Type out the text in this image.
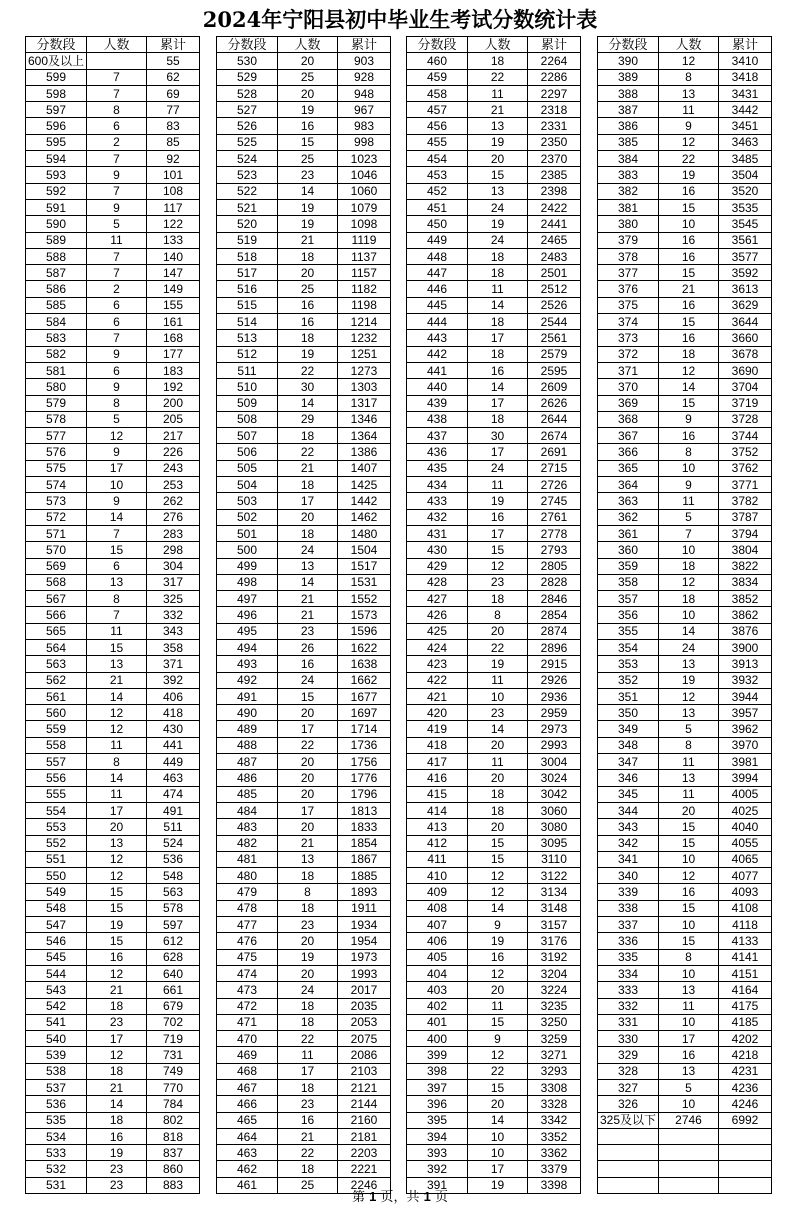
2024年宁阳县初中毕业生考试分数统计表
分数段	人数	累计
600及以上		55
599	7	62
598	7	69
597	8	77
596	6	83
595	2	85
594	7	92
593	9	101
592	7	108
591	9	117
590	5	122
589	11	133
588	7	140
587	7	147
586	2	149
585	6	155
584	6	161
583	7	168
582	9	177
581	6	183
580	9	192
579	8	200
578	5	205
577	12	217
576	9	226
575	17	243
574	10	253
573	9	262
572	14	276
571	7	283
570	15	298
569	6	304
568	13	317
567	8	325
566	7	332
565	11	343
564	15	358
563	13	371
562	21	392
561	14	406
560	12	418
559	12	430
558	11	441
557	8	449
556	14	463
555	11	474
554	17	491
553	20	511
552	13	524
551	12	536
550	12	548
549	15	563
548	15	578
547	19	597
546	15	612
545	16	628
544	12	640
543	21	661
542	18	679
541	23	702
540	17	719
539	12	731
538	18	749
537	21	770
536	14	784
535	18	802
534	16	818
533	19	837
532	23	860
531	23	883
分数段	人数	累计
530	20	903
529	25	928
528	20	948
527	19	967
526	16	983
525	15	998
524	25	1023
523	23	1046
522	14	1060
521	19	1079
520	19	1098
519	21	1119
518	18	1137
517	20	1157
516	25	1182
515	16	1198
514	16	1214
513	18	1232
512	19	1251
511	22	1273
510	30	1303
509	14	1317
508	29	1346
507	18	1364
506	22	1386
505	21	1407
504	18	1425
503	17	1442
502	20	1462
501	18	1480
500	24	1504
499	13	1517
498	14	1531
497	21	1552
496	21	1573
495	23	1596
494	26	1622
493	16	1638
492	24	1662
491	15	1677
490	20	1697
489	17	1714
488	22	1736
487	20	1756
486	20	1776
485	20	1796
484	17	1813
483	20	1833
482	21	1854
481	13	1867
480	18	1885
479	8	1893
478	18	1911
477	23	1934
476	20	1954
475	19	1973
474	20	1993
473	24	2017
472	18	2035
471	18	2053
470	22	2075
469	11	2086
468	17	2103
467	18	2121
466	23	2144
465	16	2160
464	21	2181
463	22	2203
462	18	2221
461	25	2246
分数段	人数	累计
460	18	2264
459	22	2286
458	11	2297
457	21	2318
456	13	2331
455	19	2350
454	20	2370
453	15	2385
452	13	2398
451	24	2422
450	19	2441
449	24	2465
448	18	2483
447	18	2501
446	11	2512
445	14	2526
444	18	2544
443	17	2561
442	18	2579
441	16	2595
440	14	2609
439	17	2626
438	18	2644
437	30	2674
436	17	2691
435	24	2715
434	11	2726
433	19	2745
432	16	2761
431	17	2778
430	15	2793
429	12	2805
428	23	2828
427	18	2846
426	8	2854
425	20	2874
424	22	2896
423	19	2915
422	11	2926
421	10	2936
420	23	2959
419	14	2973
418	20	2993
417	11	3004
416	20	3024
415	18	3042
414	18	3060
413	20	3080
412	15	3095
411	15	3110
410	12	3122
409	12	3134
408	14	3148
407	9	3157
406	19	3176
405	16	3192
404	12	3204
403	20	3224
402	11	3235
401	15	3250
400	9	3259
399	12	3271
398	22	3293
397	15	3308
396	20	3328
395	14	3342
394	10	3352
393	10	3362
392	17	3379
391	19	3398
分数段	人数	累计
390	12	3410
389	8	3418
388	13	3431
387	11	3442
386	9	3451
385	12	3463
384	22	3485
383	19	3504
382	16	3520
381	15	3535
380	10	3545
379	16	3561
378	16	3577
377	15	3592
376	21	3613
375	16	3629
374	15	3644
373	16	3660
372	18	3678
371	12	3690
370	14	3704
369	15	3719
368	9	3728
367	16	3744
366	8	3752
365	10	3762
364	9	3771
363	11	3782
362	5	3787
361	7	3794
360	10	3804
359	18	3822
358	12	3834
357	18	3852
356	10	3862
355	14	3876
354	24	3900
353	13	3913
352	19	3932
351	12	3944
350	13	3957
349	5	3962
348	8	3970
347	11	3981
346	13	3994
345	11	4005
344	20	4025
343	15	4040
342	15	4055
341	10	4065
340	12	4077
339	16	4093
338	15	4108
337	10	4118
336	15	4133
335	8	4141
334	10	4151
333	13	4164
332	11	4175
331	10	4185
330	17	4202
329	16	4218
328	13	4231
327	5	4236
326	10	4246
325及以下	2746	6992

第 1 页，共 1 页
